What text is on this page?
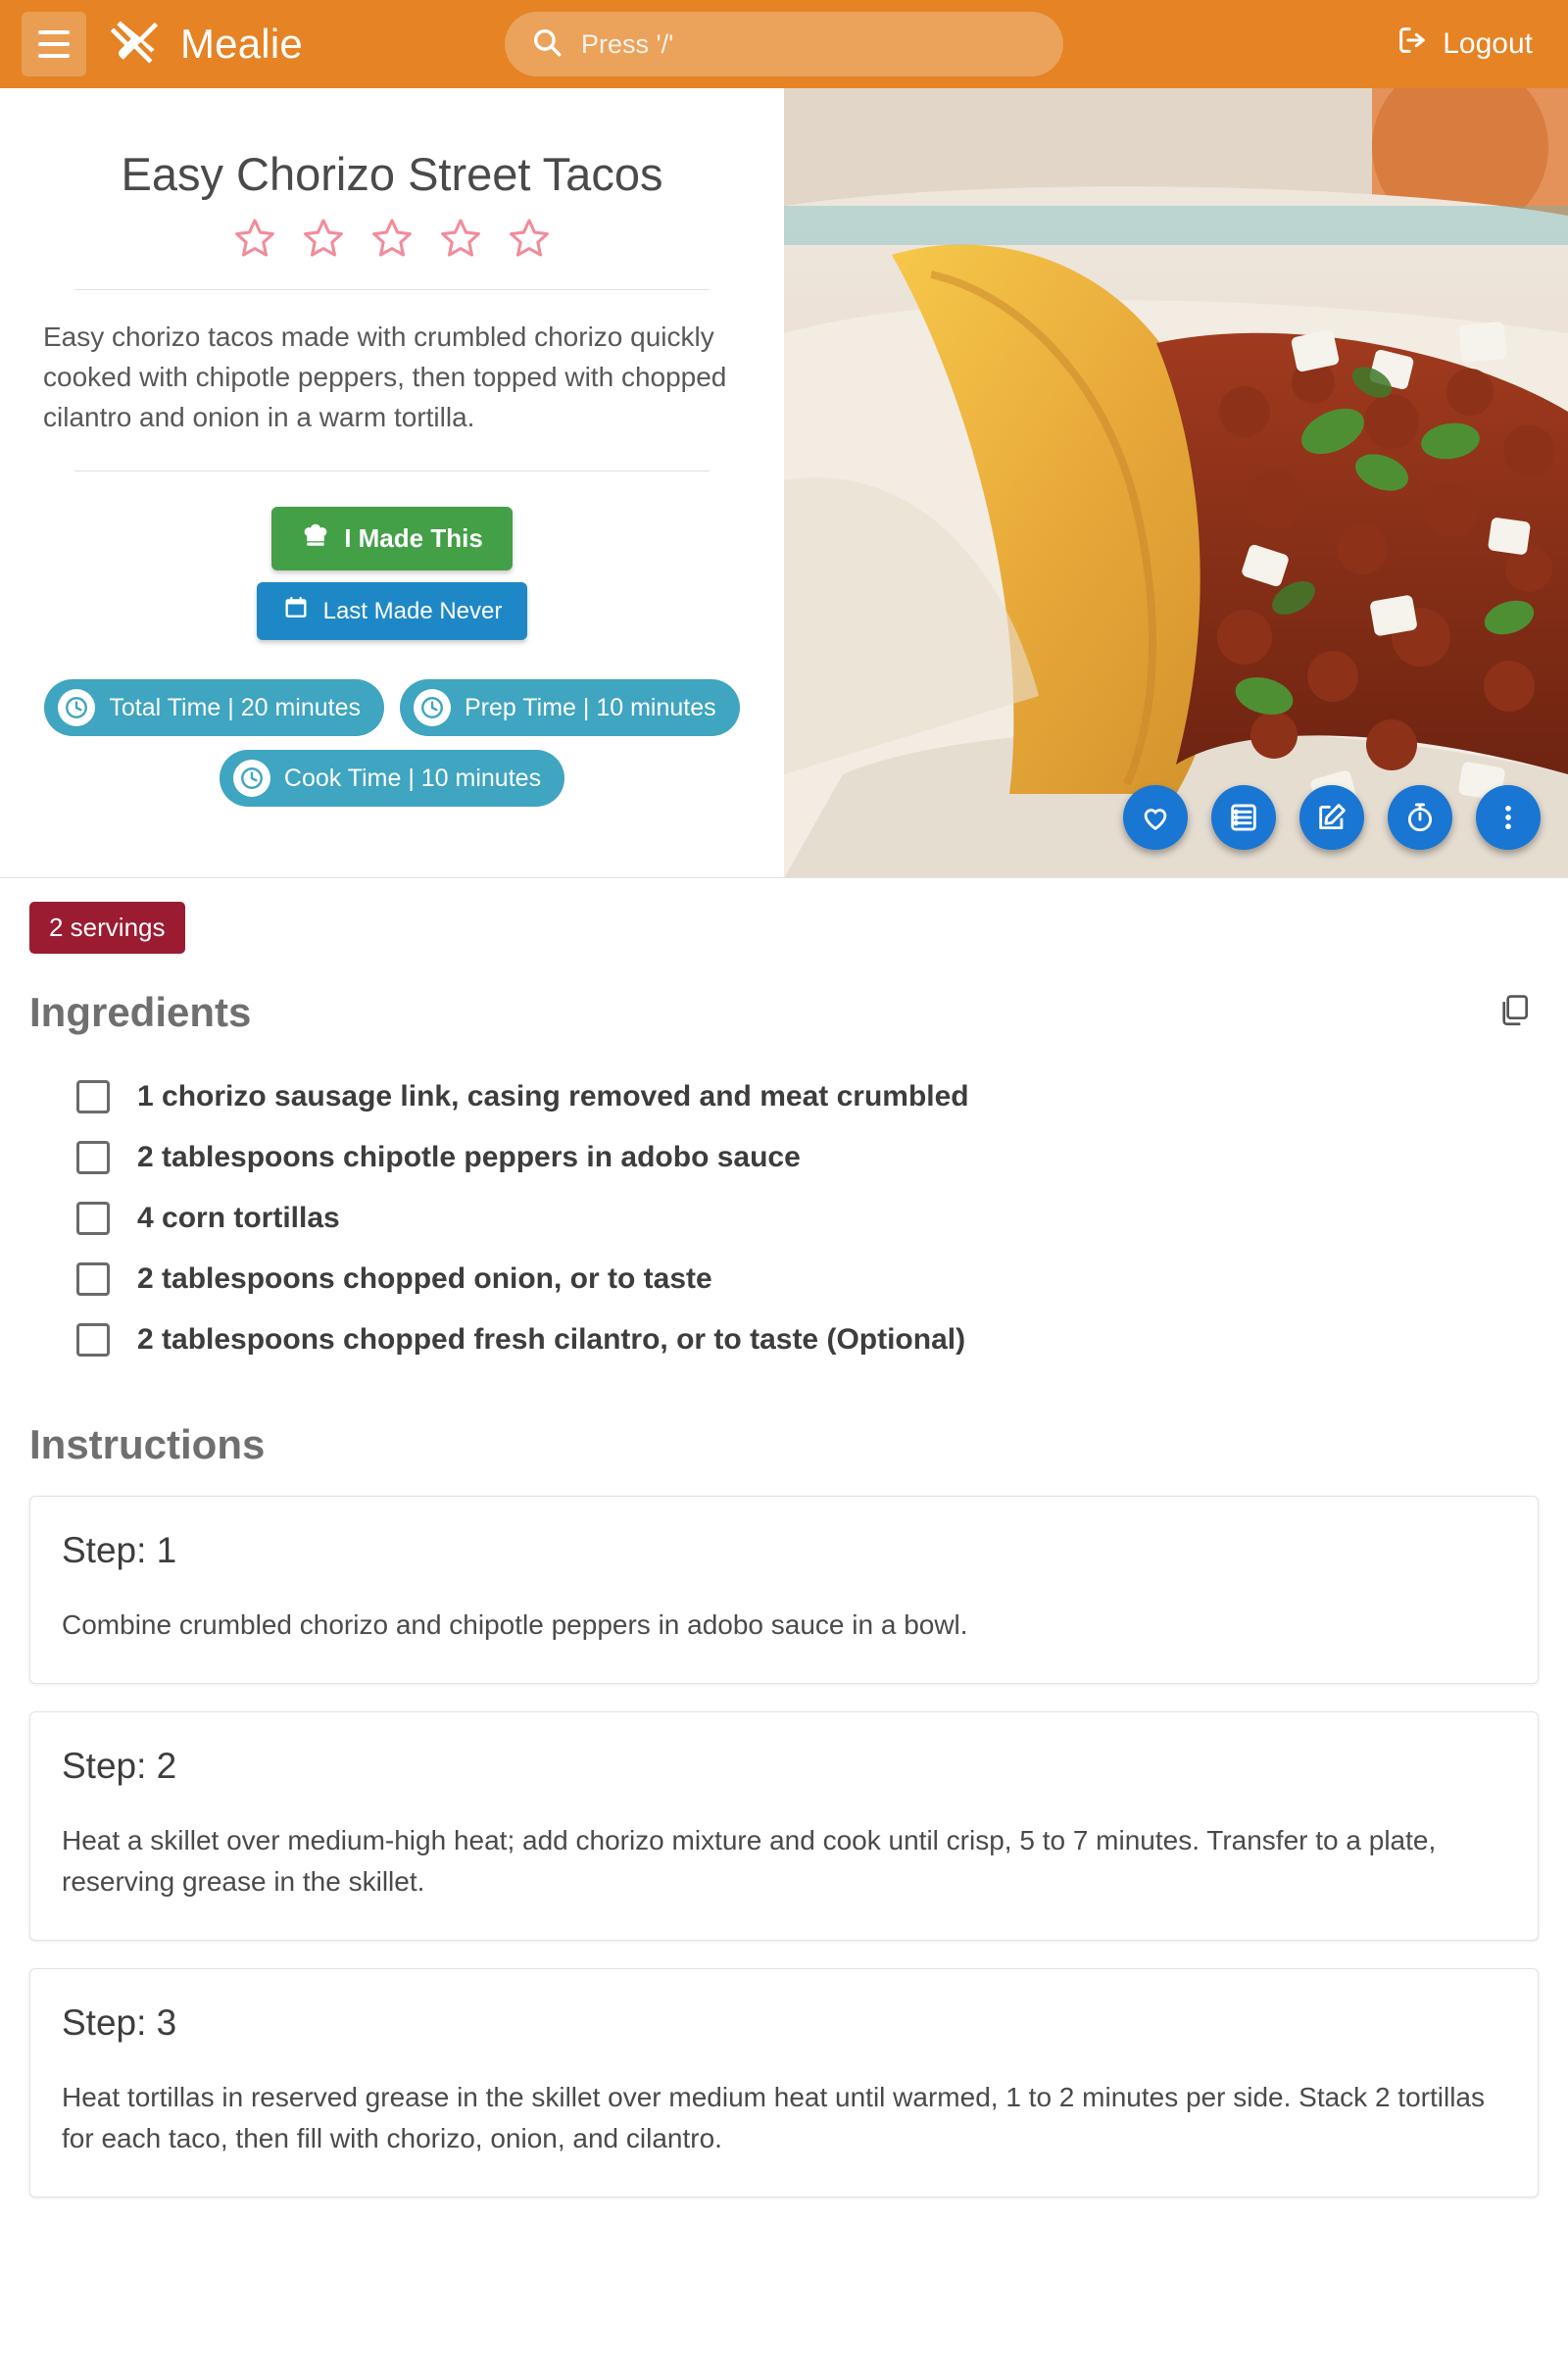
Mealie
Press '/'	Logout
Easy Chorizo Street Tacos

Easy chorizo tacos made with crumbled chorizo quickly cooked with chipotle peppers, then topped with chopped cilantro and onion in a warm tortilla.

I Made This
Last Made Never
Total Time | 20 minutes	Prep Time | 10 minutes
Cook Time | 10 minutes
2 servings
Ingredients
1 chorizo sausage link, casing removed and meat crumbled
2 tablespoons chipotle peppers in adobo sauce
4 corn tortillas
2 tablespoons chopped onion, or to taste
2 tablespoons chopped fresh cilantro, or to taste (Optional)
Instructions
Step: 1

Combine crumbled chorizo and chipotle peppers in adobo sauce in a bowl.

Step: 2

Heat a skillet over medium-high heat; add chorizo mixture and cook until crisp, 5 to 7 minutes. Transfer to a plate, reserving grease in the skillet.

Step: 3

Heat tortillas in reserved grease in the skillet over medium heat until warmed, 1 to 2 minutes per side. Stack 2 tortillas for each taco, then fill with chorizo, onion, and cilantro.
